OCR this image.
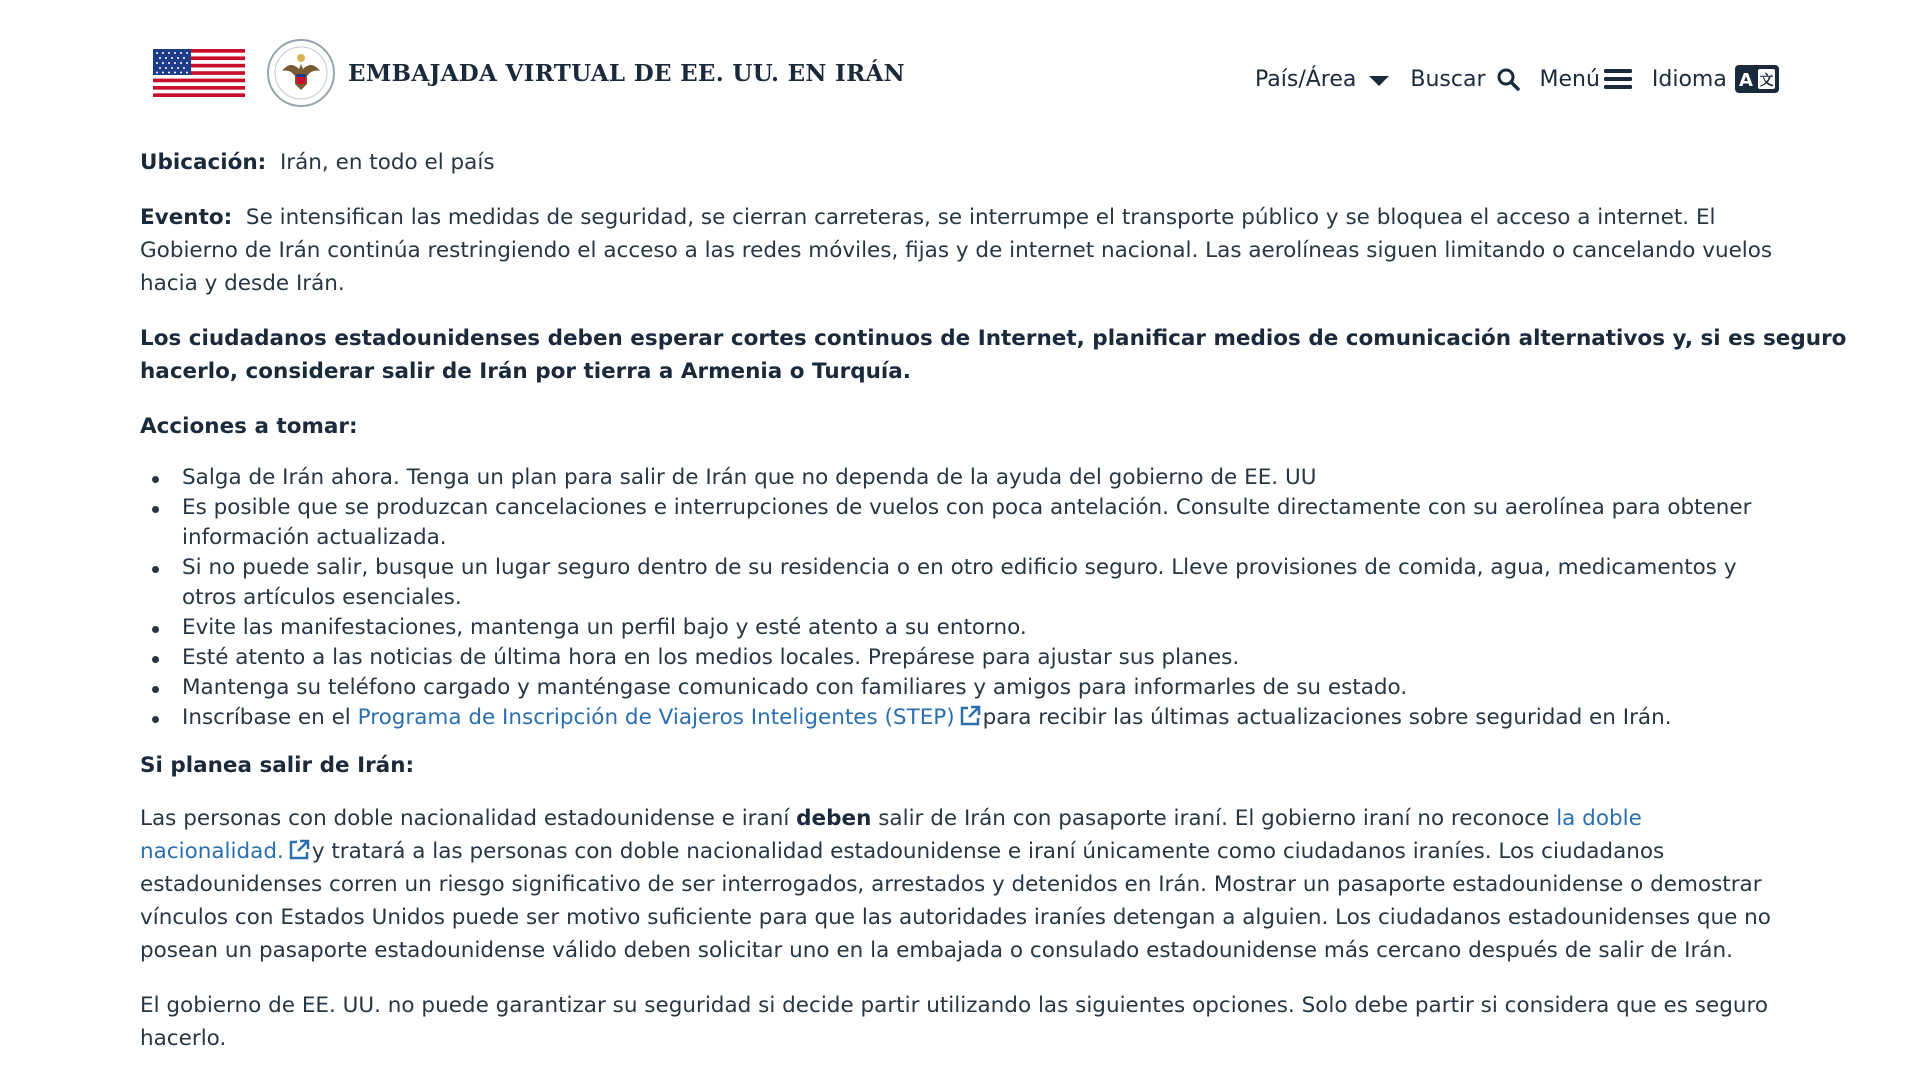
EMBAJADA VIRTUAL DE EE. UU. EN IRÁN	País/Área Buscar Menú Idioma A 文

Ubicación: Irán, en todo el país

Evento: Se intensifican las medidas de seguridad, se cierran carreteras, se interrumpe el transporte público y se bloquea el acceso a internet. El
Gobierno de Irán continúa restringiendo el acceso a las redes móviles, fijas y de internet nacional. Las aerolíneas siguen limitando o cancelando vuelos
hacia y desde Irán.

Los ciudadanos estadounidenses deben esperar cortes continuos de Internet, planificar medios de comunicación alternativos y, si es seguro
hacerlo, considerar salir de Irán por tierra a Armenia o Turquía.

Acciones a tomar:

Salga de Irán ahora. Tenga un plan para salir de Irán que no dependa de la ayuda del gobierno de EE. UU
Es posible que se produzcan cancelaciones e interrupciones de vuelos con poca antelación. Consulte directamente con su aerolínea para obtener
información actualizada.
Si no puede salir, busque un lugar seguro dentro de su residencia o en otro edificio seguro. Lleve provisiones de comida, agua, medicamentos y
otros artículos esenciales.
Evite las manifestaciones, mantenga un perfil bajo y esté atento a su entorno.
Esté atento a las noticias de última hora en los medios locales. Prepárese para ajustar sus planes.
Mantenga su teléfono cargado y manténgase comunicado con familiares y amigos para informarles de su estado.
Inscríbase en el Programa de Inscripción de Viajeros Inteligentes (STEP) para recibir las últimas actualizaciones sobre seguridad en Irán.

Si planea salir de Irán:

Las personas con doble nacionalidad estadounidense e iraní deben salir de Irán con pasaporte iraní. El gobierno iraní no reconoce la doble
nacionalidad. y tratará a las personas con doble nacionalidad estadounidense e iraní únicamente como ciudadanos iraníes. Los ciudadanos
estadounidenses corren un riesgo significativo de ser interrogados, arrestados y detenidos en Irán. Mostrar un pasaporte estadounidense o demostrar
vínculos con Estados Unidos puede ser motivo suficiente para que las autoridades iraníes detengan a alguien. Los ciudadanos estadounidenses que no
posean un pasaporte estadounidense válido deben solicitar uno en la embajada o consulado estadounidense más cercano después de salir de Irán.

El gobierno de EE. UU. no puede garantizar su seguridad si decide partir utilizando las siguientes opciones. Solo debe partir si considera que es seguro
hacerlo.
